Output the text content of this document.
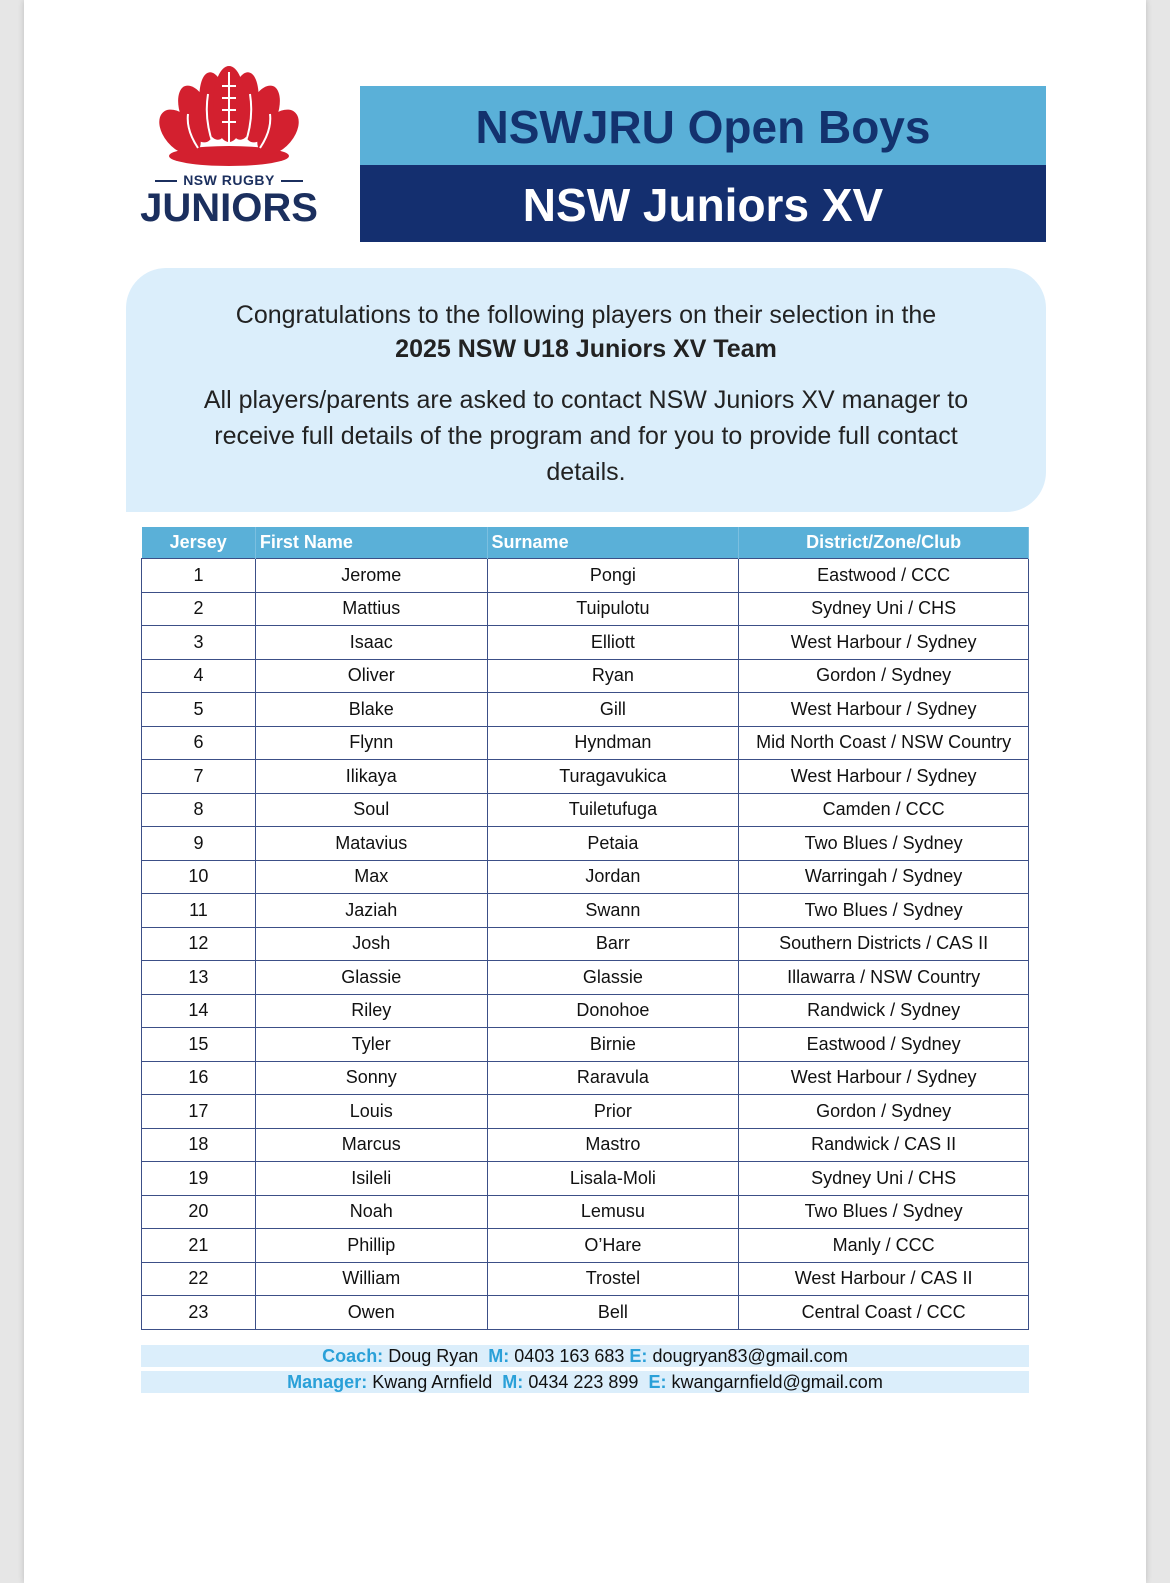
NSW RUGBY
JUNIORS
NSWJRU Open Boys
NSW Juniors XV
Congratulations to the following players on their selection in the
2025 NSW U18 Juniors XV Team
All players/parents are asked to contact NSW Juniors XV manager to receive full details of the program and for you to provide full contact details.
Jersey	First Name	Surname	District/Zone/Club
1	Jerome	Pongi	Eastwood / CCC
2	Mattius	Tuipulotu	Sydney Uni / CHS
3	Isaac	Elliott	West Harbour / Sydney
4	Oliver	Ryan	Gordon / Sydney
5	Blake	Gill	West Harbour / Sydney
6	Flynn	Hyndman	Mid North Coast / NSW Country
7	Ilikaya	Turagavukica	West Harbour / Sydney
8	Soul	Tuiletufuga	Camden / CCC
9	Matavius	Petaia	Two Blues / Sydney
10	Max	Jordan	Warringah / Sydney
11	Jaziah	Swann	Two Blues / Sydney
12	Josh	Barr	Southern Districts / CAS II
13	Glassie	Glassie	Illawarra / NSW Country
14	Riley	Donohoe	Randwick / Sydney
15	Tyler	Birnie	Eastwood / Sydney
16	Sonny	Raravula	West Harbour / Sydney
17	Louis	Prior	Gordon / Sydney
18	Marcus	Mastro	Randwick / CAS II
19	Isileli	Lisala-Moli	Sydney Uni / CHS
20	Noah	Lemusu	Two Blues / Sydney
21	Phillip	O’Hare	Manly / CCC
22	William	Trostel	West Harbour / CAS II
23	Owen	Bell	Central Coast / CCC
Coach: Doug Ryan M: 0403 163 683 E: dougryan83@gmail.com
Manager: Kwang Arnfield M: 0434 223 899 E: kwangarnfield@gmail.com
